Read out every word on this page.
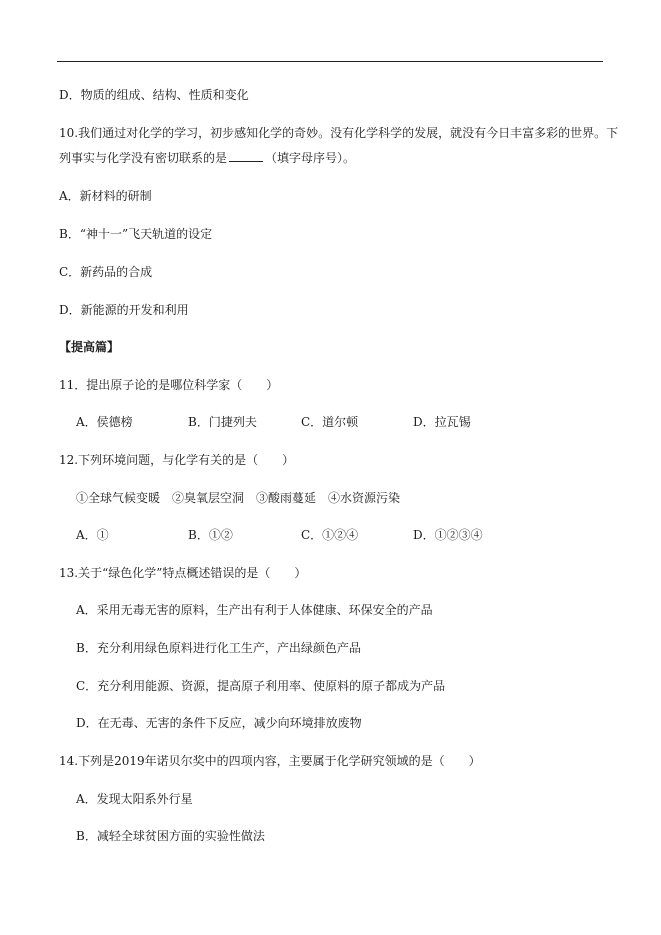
D．物质的组成、结构、性质和变化
10.我们通过对化学的学习，初步感知化学的奇妙。没有化学科学的发展，就没有今日丰富多彩的世界。下
列事实与化学没有密切联系的是	（填字母序号）。
A．新材料的研制
B．“神十一”飞天轨道的设定
C．新药品的合成
D．新能源的开发和利用
【提高篇】
11．提出原子论的是哪位科学家（　　）
A．侯德榜	B．门捷列夫	C．道尔顿	D．拉瓦锡
12.下列环境问题，与化学有关的是（　　）
①全球气候变暖　②臭氧层空洞　③酸雨蔓延　④水资源污染
A．①	B．①②	C．①②④	D．①②③④
13.关于“绿色化学”特点概述错误的是（　　）
A．采用无毒无害的原料，生产出有利于人体健康、环保安全的产品
B．充分利用绿色原料进行化工生产，产出绿颜色产品
C．充分利用能源、资源，提高原子利用率、使原料的原子都成为产品
D．在无毒、无害的条件下反应，减少向环境排放废物
14.下列是2019年诺贝尔奖中的四项内容，主要属于化学研究领域的是（　　）
A．发现太阳系外行星
B．减轻全球贫困方面的实验性做法
